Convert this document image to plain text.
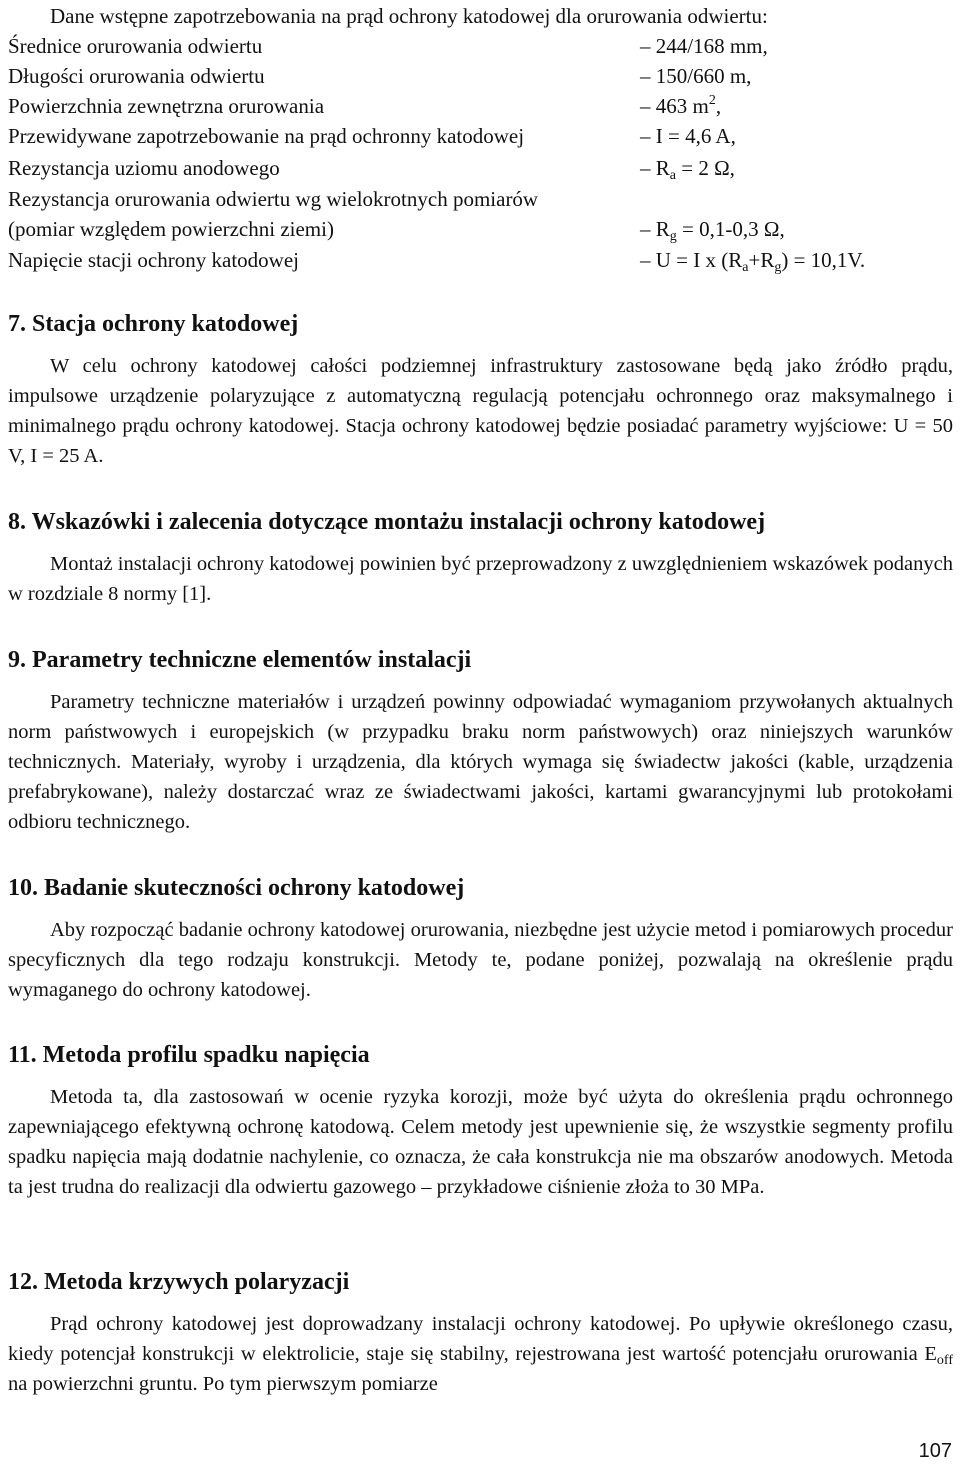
Dane wstępne zapotrzebowania na prąd ochrony katodowej dla orurowania odwiertu:
Średnice orurowania odwiertu	– 244/168 mm,
Długości orurowania odwiertu	– 150/660 m,
Powierzchnia zewnętrzna orurowania	– 463 $m^2$,
Przewidywane zapotrzebowanie na prąd ochronny katodowej	– I = 4,6 A,
Rezystancja uziomu anodowego	– $R_a = 2$ Ω,
Rezystancja orurowania odwiertu wg wielokrotnych pomiarów
(pomiar względem powierzchni ziemi)	– $R_g = 0,1-0,3$ Ω,
Napięcie stacji ochrony katodowej	– U = I x $(R_a+R_g) = 10,1V$.
7. Stacja ochrony katodowej

W celu ochrony katodowej całości podziemnej infrastruktury zastosowane będą jako źródło prądu, impulsowe urządzenie polaryzujące z automatyczną regulacją potencjału ochronnego oraz maksymalnego i minimalnego prądu ochrony katodowej. Stacja ochrony katodowej będzie posiadać parametry wyjściowe: U = 50 V, I = 25 A.

8. Wskazówki i zalecenia dotyczące montażu instalacji ochrony katodowej

Montaż instalacji ochrony katodowej powinien być przeprowadzony z uwzględnieniem wskazówek podanych w rozdziale 8 normy [1].

9. Parametry techniczne elementów instalacji

Parametry techniczne materiałów i urządzeń powinny odpowiadać wymaganiom przywołanych aktualnych norm państwowych i europejskich (w przypadku braku norm państwowych) oraz niniejszych warunków technicznych. Materiały, wyroby i urządzenia, dla których wymaga się świadectw jakości (kable, urządzenia prefabrykowane), należy dostarczać wraz ze świadectwami jakości, kartami gwarancyjnymi lub protokołami odbioru technicznego.

10. Badanie skuteczności ochrony katodowej

Aby rozpocząć badanie ochrony katodowej orurowania, niezbędne jest użycie metod i pomiarowych procedur specyficznych dla tego rodzaju konstrukcji. Metody te, podane poniżej, pozwalają na określenie prądu wymaganego do ochrony katodowej.

11. Metoda profilu spadku napięcia

Metoda ta, dla zastosowań w ocenie ryzyka korozji, może być użyta do określenia prądu ochronnego zapewniającego efektywną ochronę katodową. Celem metody jest upewnienie się, że wszystkie segmenty profilu spadku napięcia mają dodatnie nachylenie, co oznacza, że cała konstrukcja nie ma obszarów anodowych. Metoda ta jest trudna do realizacji dla odwiertu gazowego – przykładowe ciśnienie złoża to 30 MPa.

12. Metoda krzywych polaryzacji

Prąd ochrony katodowej jest doprowadzany instalacji ochrony katodowej. Po upływie określonego czasu, kiedy potencjał konstrukcji w elektrolicie, staje się stabilny, rejestrowana jest wartość potencjału orurowania $E_{off}$ na powierzchni gruntu. Po tym pierwszym pomiarze

107
